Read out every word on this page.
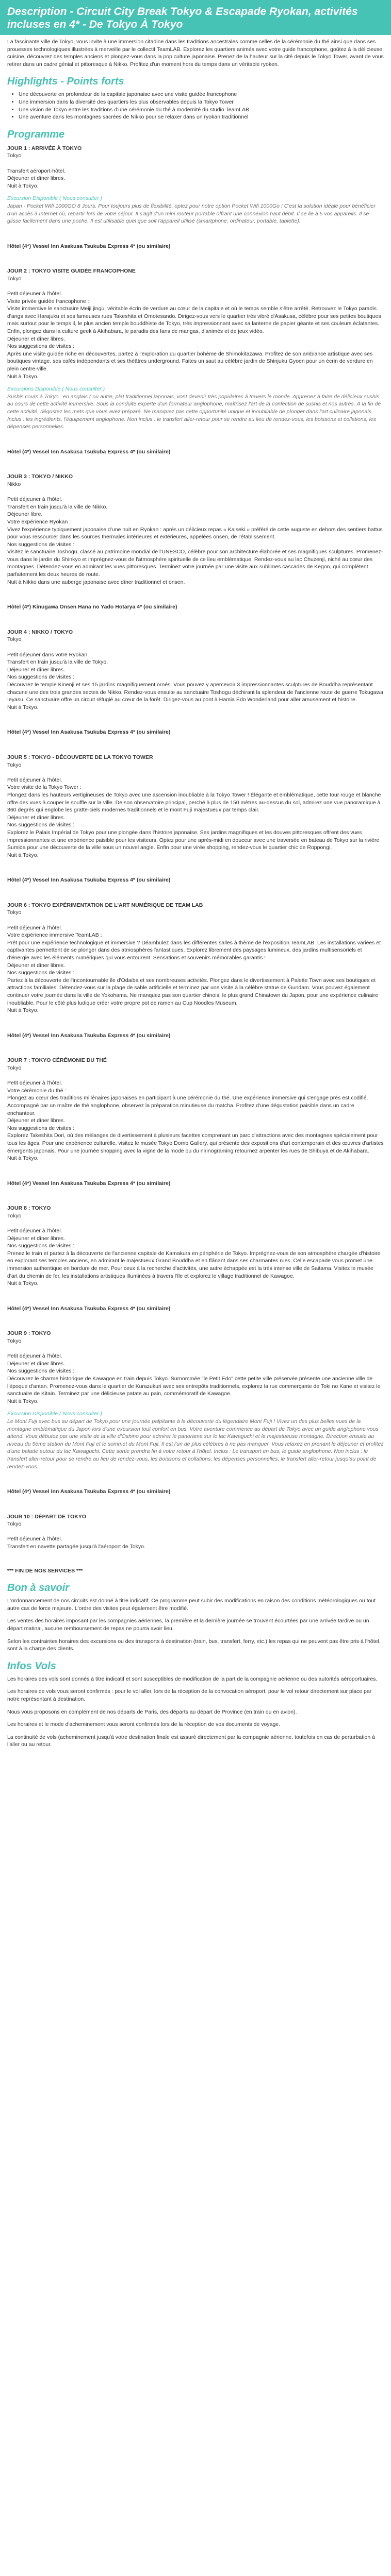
Description - Circuit City Break Tokyo & Escapade Ryokan, activités
incluses en 4* - De Tokyo À Tokyo

La fascinante ville de Tokyo, vous invite à une immersion citadine dans les traditions ancestrales comme celles de la cérémonie du thé ainsi que dans ses prouesses technologiques illustrées à merveille par le collectif TeamLAB. Explorez les quartiers animés avec votre guide francophone, goûtez à la délicieuse cuisine, découvrez des temples anciens et plongez-vous dans la pop culture japonaise. Prenez de la hauteur sur la cité depuis le Tokyo Tower, avant de vous retirer dans un cadre génial et pittoresque à Nikko. Profitez d'un moment hors du temps dans un véritable ryoken.

Highlights - Points forts
• Une découverte en profondeur de la capitale japonaise avec une visite guidée francophone
• Une immersion dans la diversité des quartiers les plus observables depuis la Tokyo Tower
• Une vision de Tokyo entre les traditions d'une cérémonie du thé à modernité du studio TeamLAB
• Une aventure dans les montagnes sacrées de Nikko pour se relaxer dans un ryokan traditionnel
Programme
JOUR 1 : ARRIVÉE À TOKYO
Tokyo
Transfert aéroport-hôtel.
Déjeuner et dîner libres.
Nuit à Tokyo.
Excursion Disponible ( Nous consulter )
Japan - Pocket Wifi 1000GO 8 Jours. Pour toujours plus de flexibilité, optez pour notre option Pocket Wifi 1000Go ! C'est la solution idéale pour bénéficier d'un accès à Internet où, repartir lors de votre séjour. Il s'agit d'un mini routeur portable offrant une connexion haut débit. Il se lie à 5 vos appareils. Il se glisse facilement dans une poche. Il est utilisable quel que soit l'appareil utilisé (smartphone, ordinateur, portable, tablette).
Hôtel (4*) Vessel Inn Asakusa Tsukuba Express 4* (ou similaire)
JOUR 2 : TOKYO VISITE GUIDÉE FRANCOPHONE
Tokyo
Petit déjeuner à l'hôtel.
Visite privée guidée francophone :
Visite immersive le sanctuaire Meiji jingu, véritable écrin de verdure au cœur de la capitale et où le temps semble s'être arrêté. Retrouvez le Tokyo paradis d'angs avec Harajuku et ses fameuses rues Takeshita et Omotesando. Dirigez-vous vers le quartier très vibré d'Asakusa, célèbre pour ses petites boutiques mais surtout pour le temps il, le plus ancien temple bouddhiste de Tokyo, très impressionnant avec sa lanterne de papier géante et ses couleurs éclatantes. Enfin, plongez dans la culture geek à Akihabara, le paradis des fans de mangas, d'animés et de jeux vidéo.
Déjeuner et dîner libres.
Nos suggestions de visites :
Après une visite guidée riche en découvertes, partez à l'exploration du quartier bohème de Shimokitazawa. Profitez de son ambiance artistique avec ses boutiques vintage, ses cafés indépendants et ses théâtres underground. Faites un saut au célèbre jardin de Shinjuku Gyoen pour un écrin de verdure en plein centre-ville.
Nuit à Tokyo.
Excursions Disponible ( Nous consulter )
Sushis cours à Tokyo : en anglais ( ou autre, plat traditionnel japonais, vont devenir très populaires à travers le monde. Apprenez à faire de délicieux sushis au cours de cette activité immersive. Sous la conduite experte d'un formateur anglophone, maîtrisez l'art de la confection de sushis et nos autres. À la fin de cette activité, dégustez les mets que vous avez préparé. Ne manquez pas cette opportunité unique et inoubliable de plonger dans l'art culinaire japonais. Inclus : les ingrédients, l'équipement anglophone. Non inclus : le transfert aller-retour pour se rendre au lieu de rendez-vous, les boissons et collations, les dépenses personnelles.
Hôtel (4*) Vessel Inn Asakusa Tsukuba Express 4* (ou similaire)
JOUR 3 : TOKYO / NIKKO
Nikko
Petit déjeuner à l'hôtel.
Transfert en train jusqu'à la ville de Nikko.
Déjeuner libre.
Votre expérience Ryokan :
Vivez l'expérience typiquement japonaise d'une nuit en Ryokan : après un délicieux repas « Kaiseki » préféré de cette auguste en dehors des sentiers battus pour vous ressourcer dans les sources thermales intérieures et extérieures, appelées onsen, de l'établissement.
Nos suggestions de visites :
Visitez le sanctuaire Toshogu, classé au patrimoine mondial de l'UNESCO, célèbre pour son architecture élaborée et ses magnifiques sculptures. Promenez-vous dans le jardin du Shinkyo et imprégnez-vous de l'atmosphère spirituelle de ce lieu emblématique. Rendez-vous au lac Chuzenji, niché au cœur des montagnes. Détendez-vous en admirant les vues pittoresques. Terminez votre journée par une visite aux sublimes cascades de Kegon, qui complètent parfaitement les deux heures de route.
Nuit à Nikko dans une auberge japonaise avec dîner traditionnel et onsen.
Hôtel (4*) Kinugawa Onsen Hana no Yado Hotarya 4* (ou similaire)
JOUR 4 : NIKKO / TOKYO
Tokyo
Petit déjeuner dans votre Ryokan.
Transfert en train jusqu'à la ville de Tokyo.
Déjeuner et dîner libres.
Nos suggestions de visites :
Découvrez le temple Kinenji et ses 15 jardins magnifiquement ornés. Vous pouvez y apercevoir 3 impressionnantes sculptures de Bouddha représentant chacune une des trois grandes sectes de Nikko. Rendez-vous ensuite au sanctuaire Toshogu déchirant la splendeur de l'ancienne route de guerre Tokugawa Ieyasu. Ce sanctuaire offre un circuit réfugié au cœur de la forêt. Dirigez-vous au pont à Hamia Edo Wonderland pour aller amusement et histoire.
Nuit à Tokyo.
Hôtel (4*) Vessel Inn Asakusa Tsukuba Express 4* (ou similaire)
JOUR 5 : TOKYO - DÉCOUVERTE DE LA TOKYO TOWER
Tokyo
Petit déjeuner à l'hôtel.
Votre visite de la Tokyo Tower :
Plongez dans les hauteurs vertigineuses de Tokyo avec une ascension inoubliable à la Tokyo Tower ! Élégante et emblématique, cette tour rouge et blanche offre des vues à couper le souffle sur la ville. De son observatoire principal, perché à plus de 150 mètres au-dessus du sol, admirez une vue panoramique à 360 degrés qui englobe les gratte-ciels modernes traditionnels et le mont Fuji majestueux par temps clair.
Déjeuner et dîner libres.
Nos suggestions de visites :
Explorez le Palais Impérial de Tokyo pour une plongée dans l'histoire japonaise. Ses jardins magnifiques et les douves pittoresques offrent des vues impressionnantes et une expérience paisible pour les visiteurs. Optez pour une après-midi en douceur avec une traversée en bateau de Tokyo sur la rivière Sumida pour une découverte de la ville sous un nouvel angle. Enfin pour une virée shopping, rendez-vous le quartier chic de Roppongi.
Nuit à Tokyo.
Hôtel (4*) Vessel Inn Asakusa Tsukuba Express 4* (ou similaire)
JOUR 6 : TOKYO EXPÉRIMENTATION DE L'ART NUMÉRIQUE DE TEAM LAB
Tokyo
Petit déjeuner à l'hôtel.
Votre expérience immersive TeamLAB :
Prêt pour une expérience technologique et immersive ? Déambulez dans les différentes salles à thème de l'exposition TeamLAB. Les installations variées et captivantes permettent de se plonger dans des atmosphères fantastiques. Explorez librement des paysages lumineux, des jardins multisensoriels et d'énergie avec les éléments numériques qui vous entourent. Sensations et souvenirs mémorables garantis !
Déjeuner et dîner libres.
Nos suggestions de visites :
Partez à la découverte de l'incontournable île d'Odaiba et ses nombreuses activités. Plongez dans le divertissement à Palette Town avec ses boutiques et attractions familiales. Détendez-vous sur la plage de sable artificielle et terminez par une visite à la célèbre statue de Gundam. Vous pouvez également continuer votre journée dans la ville de Yokohama. Ne manquez pas son quartier chinois, le plus grand Chinatown du Japon, pour une expérience culinaire inoubliable. Pour le côté plus ludique créer votre propre pot de ramen au Cup Noodles Museum.
Nuit à Tokyo.
Hôtel (4*) Vessel Inn Asakusa Tsukuba Express 4* (ou similaire)
JOUR 7 : TOKYO CÉRÉMONIE DU THÉ
Tokyo
Petit déjeuner à l'hôtel.
Votre cérémonie du thé :
Plongez au cœur des traditions millénaires japonaises en participant à une cérémonie du thé. Une expérience immersive qui s'engage près est codifié. Accompagné par un maître de thé anglophone, observez la préparation minutieuse du matcha. Profitez d'une dégustation paisible dans un cadre enchanteur.
Déjeuner et dîner libres.
Nos suggestions de visites :
Explorez Takeshita Dori, où des mélanges de divertissement à plusieurs facettes comprenant un parc d'attractions avec des montagnes spécialement pour tous les âges. Pour une expérience culturelle, visitez le musée Tokyo Domo Gallery, qui présente des expositions d'art contemporain et des œuvres d'artistes émergents japonais. Pour une journée shopping avec la vigne de la mode ou du nirinograming retournez arpenter les rues de Shibuya et de Akihabara.
Nuit à Tokyo.
Hôtel (4*) Vessel Inn Asakusa Tsukuba Express 4* (ou similaire)
JOUR 8 : TOKYO
Tokyo
Petit déjeuner à l'hôtel.
Déjeuner et dîner libres.
Nos suggestions de visites :
Prenez le train et partez à la découverte de l'ancienne capitale de Kamakura en périphérie de Tokyo. Imprégnez-vous de son atmosphère chargée d'histoire en explorant ses temples anciens, en admirant le majestueux Grand Bouddha et en flânant dans ses charmantes rues. Celle escapade vous promet une immersion authentique en bordure de mer. Pour ceux à la recherche d'activités, une autre échappée est la très intense ville de Saitama. Visitez le musée d'art du chemin de fer, les installations artistiques illuminées à travers l'île et explorez le village traditionnel de Kawagoe.
Nuit à Tokyo.
Hôtel (4*) Vessel Inn Asakusa Tsukuba Express 4* (ou similaire)
JOUR 9 : TOKYO
Tokyo
Petit déjeuner à l'hôtel.
Déjeuner et dîner libres.
Nos suggestions de visites :
Découvrez le charme historique de Kawagoe en train depuis Tokyo. Surnommée "le Petit Edo" cette petite ville préservée présente une ancienne ville de l'époque d'antan. Promenez-vous dans le quartier de Kurazukuri avec ses entrepôts traditionnels, explorez la rue commerçante de Toki no Kane et visitez le sanctuaire de Kitain. Terminez par une délicieuse patate au pain, commémoratif de Kawagoe.
Nuit à Tokyo.
Excursion Disponible ( Nous consulter )
Le Mont Fuji avec bus au départ de Tokyo pour une journée palpitante à la découverte du légendaire Mont Fuji ! Vivez un des plus belles vues de la montagne emblématique du Japon lors d'une excursion tout confort en bus. Votre aventure commence au départ de Tokyo avec un guide anglophone vous attend. Vous débutez par une visite de la ville d'Oshino pour admirer le panorama sur le lac Kawaguchi et la majestueuse montagne. Direction ensuite au niveau du 5ème station du Mont Fuji et le sommet du Mont Fuji. Il est l'un de plus célèbres à ne pas manquer. Vous relaxez en prenant le déjeuner et profitez d'une balade autour du lac Kawaguchi. Cette sortie prendra fin à votre retour à l'hôtel. Inclus : Le transport en bus, le guide anglophone. Non inclus : le transfert aller-retour pour se rendre au lieu de rendez-vous, les boissons et collations, les dépenses personnelles, le transfert aller-retour jusqu'au point de rendez-vous.
Hôtel (4*) Vessel Inn Asakusa Tsukuba Express 4* (ou similaire)
JOUR 10 : DÉPART DE TOKYO
Tokyo
Petit déjeuner à l'hôtel.
Transfert en navette partagée jusqu'à l'aéroport de Tokyo.
*** FIN DE NOS SERVICES ***
Bon à savoir

L'ordonnancement de nos circuits est donné à titre indicatif. Ce programme peut subir des modifications en raison des conditions météorologiques ou tout autre cas de force majeure. L'ordre des visites peut également être modifié.

Les ventes des horaires imposant par les compagnies aériennes, la première et la dernière journée se trouvent écourtées par une arrivée tardive ou un départ matinal, aucune remboursement de repas ne pourra avoir lieu.

Selon les contraintes horaires des excursions ou des transports à destination (train, bus, transfert, ferry, etc.) les repas qui ne peuvent pas être pris à l'hôtel, sont à la charge des clients.

Infos Vols

Les horaires des vols sont donnés à titre indicatif et sont susceptibles de modification de la part de la compagnie aérienne ou des autorités aéroportuaires.

Les horaires de vols vous seront confirmés : pour le vol aller, lors de la réception de la convocation aéroport, pour le vol retour directement sur place par notre représentant à destination.

Nous vous proposons en complément de nos départs de Paris, des départs au départ de Province (en train ou en avion).

Les horaires et le mode d'acheminement vous seront confirmés lors de la réception de vos documents de voyage.

La continuité de vols (acheminement jusqu'à votre destination finale est assuré directement par la compagnie aérienne, toutefois en cas de perturbation à l'aller ou au retour.
